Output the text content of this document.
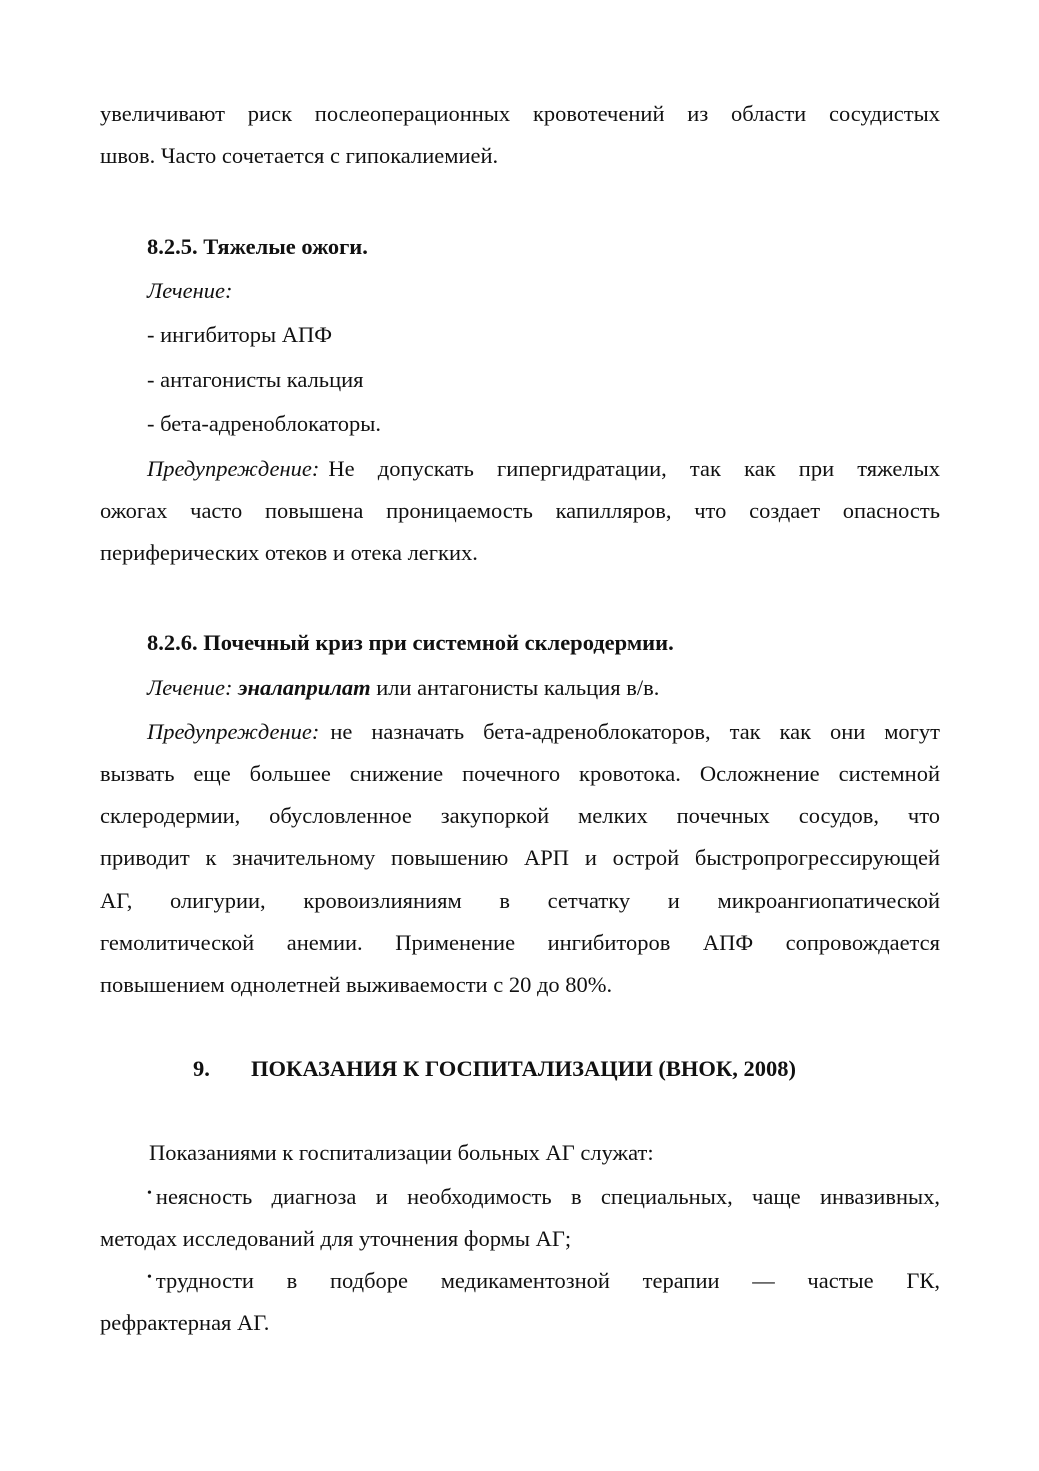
увеличивают риск послеоперационных кровотечений из области сосудистых
швов. Часто сочетается с гипокалиемией.
8.2.5. Тяжелые ожоги.
Лечение:
- ингибиторы АПФ
- антагонисты кальция
- бета-адреноблокаторы.
Предупреждение: Не допускать гипергидратации, так как при тяжелых
ожогах часто повышена проницаемость капилляров, что создает опасность
периферических отеков и отека легких.
8.2.6. Почечный криз при системной склеродермии.
Лечение: эналаприлат или антагонисты кальция в/в.
Предупреждение: не назначать бета-адреноблокаторов, так как они могут
вызвать еще большее снижение почечного кровотока. Осложнение системной
склеродермии, обусловленное закупоркой мелких почечных сосудов, что
приводит к значительному повышению АРП и острой быстропрогрессирующей
АГ, олигурии, кровоизлияниям в сетчатку и микроангиопатической
гемолитической анемии. Применение ингибиторов АПФ сопровождается
повышением однолетней выживаемости с 20 до 80%.
9. ПОКАЗАНИЯ К ГОСПИТАЛИЗАЦИИ (ВНОК, 2008)
Показаниями к госпитализации больных АГ служат:
• неясность диагноза и необходимость в специальных, чаще инвазивных,
методах исследований для уточнения формы АГ;
• трудности в подборе медикаментозной терапии — частые ГК,
рефрактерная АГ.
